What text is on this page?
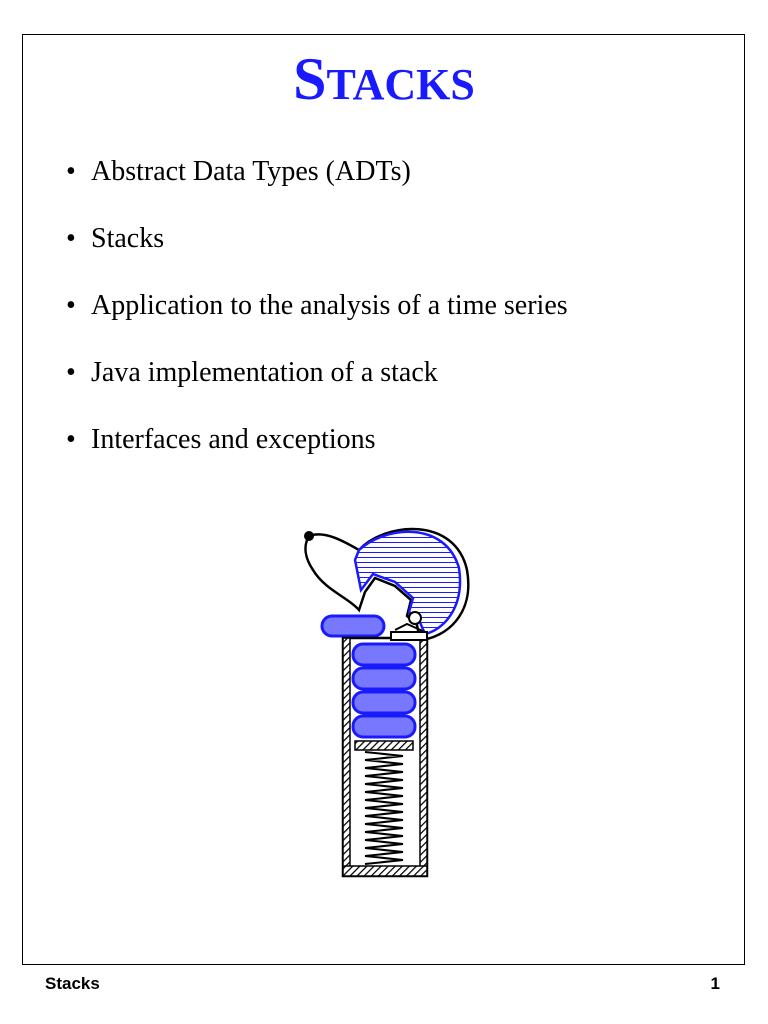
STACKS
• Abstract Data Types (ADTs)
• Stacks
• Application to the analysis of a time series
• Java implementation of a stack
• Interfaces and exceptions
Stacks	1
